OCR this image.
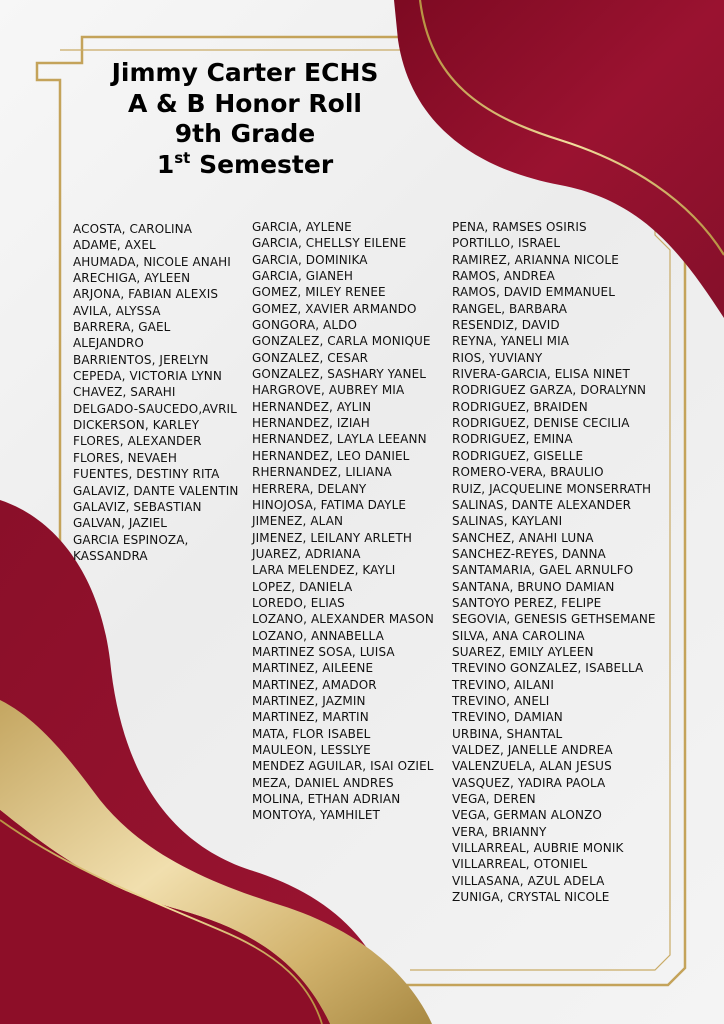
Jimmy Carter ECHS
A & B Honor Roll
9th Grade
1st Semester
ACOSTA, CAROLINA
ADAME, AXEL
AHUMADA, NICOLE ANAHI
ARECHIGA, AYLEEN
ARJONA, FABIAN ALEXIS
AVILA, ALYSSA
BARRERA, GAEL
ALEJANDRO
BARRIENTOS, JERELYN
CEPEDA, VICTORIA LYNN
CHAVEZ, SARAHI
DELGADO-SAUCEDO,AVRIL
DICKERSON, KARLEY
FLORES, ALEXANDER
FLORES, NEVAEH
FUENTES, DESTINY RITA
GALAVIZ, DANTE VALENTIN
GALAVIZ, SEBASTIAN
GALVAN, JAZIEL
GARCIA ESPINOZA,
KASSANDRA
GARCIA, AYLENE
GARCIA, CHELLSY EILENE
GARCIA, DOMINIKA
GARCIA, GIANEH
GOMEZ, MILEY RENEE
GOMEZ, XAVIER ARMANDO
GONGORA, ALDO
GONZALEZ, CARLA MONIQUE
GONZALEZ, CESAR
GONZALEZ, SASHARY YANEL
HARGROVE, AUBREY MIA
HERNANDEZ, AYLIN
HERNANDEZ, IZIAH
HERNANDEZ, LAYLA LEEANN
HERNANDEZ, LEO DANIEL
RHERNANDEZ, LILIANA
HERRERA, DELANY
HINOJOSA, FATIMA DAYLE
JIMENEZ, ALAN
JIMENEZ, LEILANY ARLETH
JUAREZ, ADRIANA
LARA MELENDEZ, KAYLI
LOPEZ, DANIELA
LOREDO, ELIAS
LOZANO, ALEXANDER MASON
LOZANO, ANNABELLA
MARTINEZ SOSA, LUISA
MARTINEZ, AILEENE
MARTINEZ, AMADOR
MARTINEZ, JAZMIN
MARTINEZ, MARTIN
MATA, FLOR ISABEL
MAULEON, LESSLYE
MENDEZ AGUILAR, ISAI OZIEL
MEZA, DANIEL ANDRES
MOLINA, ETHAN ADRIAN
MONTOYA, YAMHILET
PENA, RAMSES OSIRIS
PORTILLO, ISRAEL
RAMIREZ, ARIANNA NICOLE
RAMOS, ANDREA
RAMOS, DAVID EMMANUEL
RANGEL, BARBARA
RESENDIZ, DAVID
REYNA, YANELI MIA
RIOS, YUVIANY
RIVERA-GARCIA, ELISA NINET
RODRIGUEZ GARZA, DORALYNN
RODRIGUEZ, BRAIDEN
RODRIGUEZ, DENISE CECILIA
RODRIGUEZ, EMINA
RODRIGUEZ, GISELLE
ROMERO-VERA, BRAULIO
RUIZ, JACQUELINE MONSERRATH
SALINAS, DANTE ALEXANDER
SALINAS, KAYLANI
SANCHEZ, ANAHI LUNA
SANCHEZ-REYES, DANNA
SANTAMARIA, GAEL ARNULFO
SANTANA, BRUNO DAMIAN
SANTOYO PEREZ, FELIPE
SEGOVIA, GENESIS GETHSEMANE
SILVA, ANA CAROLINA
SUAREZ, EMILY AYLEEN
TREVINO GONZALEZ, ISABELLA
TREVINO, AILANI
TREVINO, ANELI
TREVINO, DAMIAN
URBINA, SHANTAL
VALDEZ, JANELLE ANDREA
VALENZUELA, ALAN JESUS
VASQUEZ, YADIRA PAOLA
VEGA, DEREN
VEGA, GERMAN ALONZO
VERA, BRIANNY
VILLARREAL, AUBRIE MONIK
VILLARREAL, OTONIEL
VILLASANA, AZUL ADELA
ZUNIGA, CRYSTAL NICOLE
